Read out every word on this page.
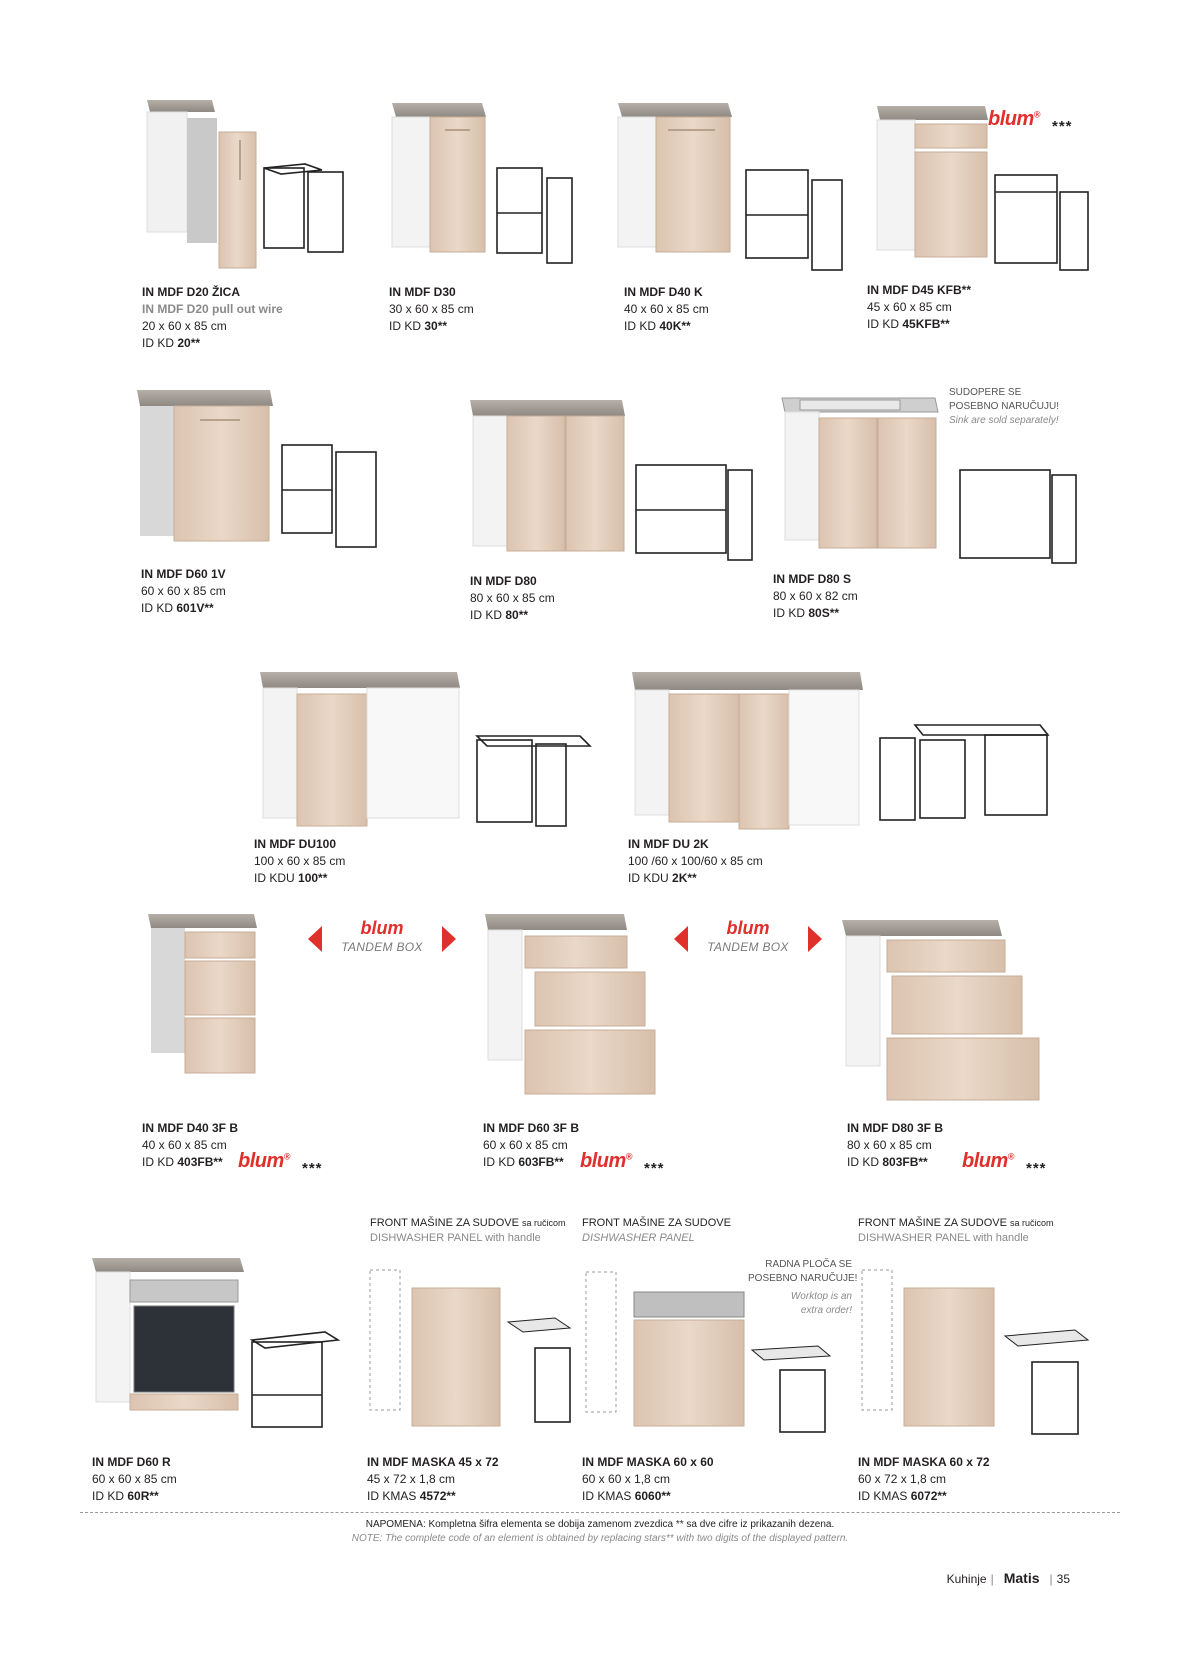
IN MDF D20 ŽICA
IN MDF D20 pull out wire
20 x 60 x 85 cm
ID KD 20**
IN MDF D30
30 x 60 x 85 cm
ID KD 30**
IN MDF D40 K
40 x 60 x 85 cm
ID KD 40K**
IN MDF D45 KFB**
45 x 60 x 85 cm
ID KD 45KFB**
blum®
***
IN MDF D60 1V
60 x 60 x 85 cm
ID KD 601V**
IN MDF D80
80 x 60 x 85 cm
ID KD 80**
IN MDF D80 S
80 x 60 x 82 cm
ID KD 80S**
SUDOPERE SE
POSEBNO NARUČUJU!
Sink are sold separately!
IN MDF DU100
100 x 60 x 85 cm
ID KDU 100**
IN MDF DU 2K
100 /60 x 100/60 x 85 cm
ID KDU 2K**
blum
TANDEM BOX
blum
TANDEM BOX
IN MDF D40 3F B
40 x 60 x 85 cm
ID KD 403FB** blum®
***
IN MDF D60 3F B
60 x 60 x 85 cm
ID KD 603FB** blum®
***
IN MDF D80 3F B
80 x 60 x 85 cm
ID KD 803FB**	blum®
***
FRONT MAŠINE ZA SUDOVE sa ručicom
DISHWASHER PANEL with handle
FRONT MAŠINE ZA SUDOVE
DISHWASHER PANEL
FRONT MAŠINE ZA SUDOVE sa ručicom
DISHWASHER PANEL with handle
RADNA PLOČA SE
POSEBNO NARUČUJE!
Worktop is an
extra order!
IN MDF D60 R
60 x 60 x 85 cm
ID KD 60R**
IN MDF MASKA 45 x 72
45 x 72 x 1,8 cm
ID KMAS 4572**
IN MDF MASKA 60 x 60
60 x 60 x 1,8 cm
ID KMAS 6060**
IN MDF MASKA 60 x 72
60 x 72 x 1,8 cm
ID KMAS 6072**
NAPOMENA: Kompletna šifra elementa se dobija zamenom zvezdica ** sa dve cifre iz prikazanih dezena.
NOTE: The complete code of an element is obtained by replacing stars** with two digits of the displayed pattern.
Kuhinje | Matis | 35
